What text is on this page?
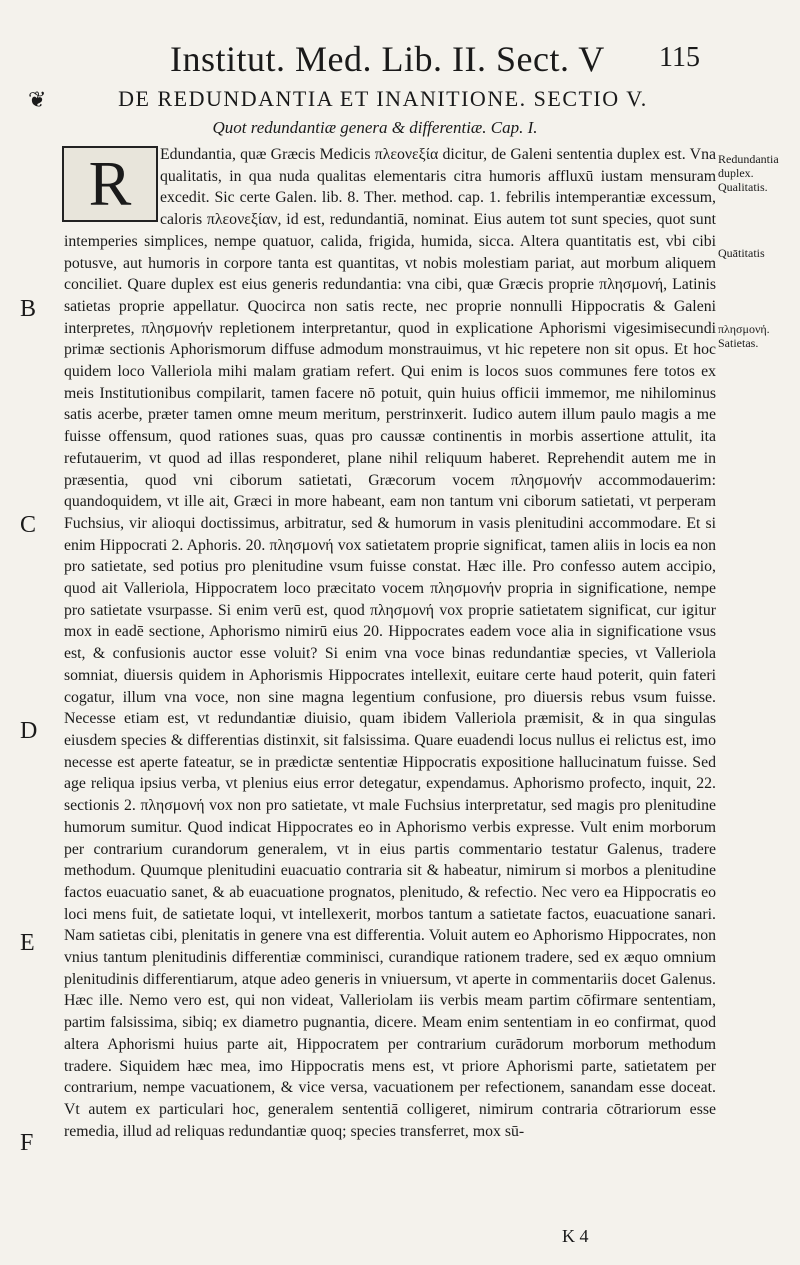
Institut. Med. Lib. II. Sect. V 115
❦	DE REDUNDANTIA ET INANITIONE. SECTIO V.
Quot redundantiæ genera & differentiæ. Cap. I.
Edundantia, quæ Græcis Medicis πλεονεξία dicitur, de Galeni sententia duplex est. Vna qualitatis, in qua nuda qualitas elementaris citra humoris affluxū iustam mensuram excedit. Sic certe Galen. lib. 8. Ther. method. cap. 1. febrilis intemperantiæ excessum, caloris πλεονεξίαν, id est, redundantiā, nominat. Eius autem tot sunt species, quot sunt intemperies simplices, nempe quatuor, calida, frigida, humida, sicca. Altera quantitatis est, vbi cibi potusve, aut humoris in corpore tanta est quantitas, vt nobis molestiam pariat, aut morbum aliquem conciliet. Quare duplex est eius generis redundantia: vna cibi, quæ Græcis proprie πλησμονή, Latinis satietas proprie appellatur. Quocirca non satis recte, nec proprie nonnulli Hippocratis & Galeni interpretes, πλησμονήν repletionem interpretantur, quod in explicatione Aphorismi vigesimisecundi primæ sectionis Aphorismorum diffuse admodum monstrauimus, vt hic repetere non sit opus. Et hoc quidem loco Valleriola mihi malam gratiam refert. Qui enim is locos suos communes fere totos ex meis Institutionibus compilarit, tamen facere nō potuit, quin huius officii immemor, me nihilominus satis acerbe, præter tamen omne meum meritum, perstrinxerit. Iudico autem illum paulo magis a me fuisse offensum, quod rationes suas, quas pro caussæ continentis in morbis assertione attulit, ita refutauerim, vt quod ad illas responderet, plane nihil reliquum haberet. Reprehendit autem me in præsentia, quod vni ciborum satietati, Græcorum vocem πλησμονήν accommodauerim: quandoquidem, vt ille ait, Græci in more habeant, eam non tantum vni ciborum satietati, vt perperam Fuchsius, vir alioqui doctissimus, arbitratur, sed & humorum in vasis plenitudini accommodare. Et si enim Hippocrati 2. Aphoris. 20. πλησμονή vox satietatem proprie significat, tamen aliis in locis ea non pro satietate, sed potius pro plenitudine vsum fuisse constat. Hæc ille. Pro confesso autem accipio, quod ait Valleriola, Hippocratem loco præcitato vocem πλησμονήν propria in significatione, nempe pro satietate vsurpasse. Si enim verū est, quod πλησμονή vox proprie satietatem significat, cur igitur mox in eadē sectione, Aphorismo nimirū eius 20. Hippocrates eadem voce alia in significatione vsus est, & confusionis auctor esse voluit? Si enim vna voce binas redundantiæ species, vt Valleriola somniat, diuersis quidem in Aphorismis Hippocrates intellexit, euitare certe haud poterit, quin fateri cogatur, illum vna voce, non sine magna legentium confusione, pro diuersis rebus vsum fuisse. Necesse etiam est, vt redundantiæ diuisio, quam ibidem Valleriola præmisit, & in qua singulas eiusdem species & differentias distinxit, sit falsissima. Quare euadendi locus nullus ei relictus est, imo necesse est aperte fateatur, se in prædictæ sententiæ Hippocratis expositione hallucinatum fuisse. Sed age reliqua ipsius verba, vt plenius eius error detegatur, expendamus. Aphorismo profecto, inquit, 22. sectionis 2. πλησμονή vox non pro satietate, vt male Fuchsius interpretatur, sed magis pro plenitudine humorum sumitur. Quod indicat Hippocrates eo in Aphorismo verbis expresse. Vult enim morborum per contrarium curandorum generalem, vt in eius partis commentario testatur Galenus, tradere methodum. Quumque plenitudini euacuatio contraria sit & habeatur, nimirum si morbos a plenitudine factos euacuatio sanet, & ab euacuatione prognatos, plenitudo, & refectio. Nec vero ea Hippocratis eo loci mens fuit, de satietate loqui, vt intellexerit, morbos tantum a satietate factos, euacuatione sanari. Nam satietas cibi, plenitatis in genere vna est differentia. Voluit autem eo Aphorismo Hippocrates, non vnius tantum plenitudinis differentiæ comminisci, curandique rationem tradere, sed ex æquo omnium plenitudinis differentiarum, atque adeo generis in vniuersum, vt aperte in commentariis docet Galenus. Hæc ille. Nemo vero est, qui non videat, Valleriolam iis verbis meam partim cōfirmare sententiam, partim falsissima, sibiq; ex diametro pugnantia, dicere. Meam enim sententiam in eo confirmat, quod altera Aphorismi huius parte ait, Hippocratem per contrarium curādorum morborum methodum tradere. Siquidem hæc mea, imo Hippocratis mens est, vt priore Aphorismi parte, satietatem per contrarium, nempe vacuationem, & vice versa, vacuationem per refectionem, sanandam esse doceat. Vt autem ex particulari hoc, generalem sententiā colligeret, nimirum contraria cōtrariorum esse remedia, illud ad reliquas redundantiæ quoq; species transferret, mox sū-
R	Redundantia duplex. Qualitatis.
Quātitatis
πλησμονή. Satietas.
B
C
D
E
F
K 4
